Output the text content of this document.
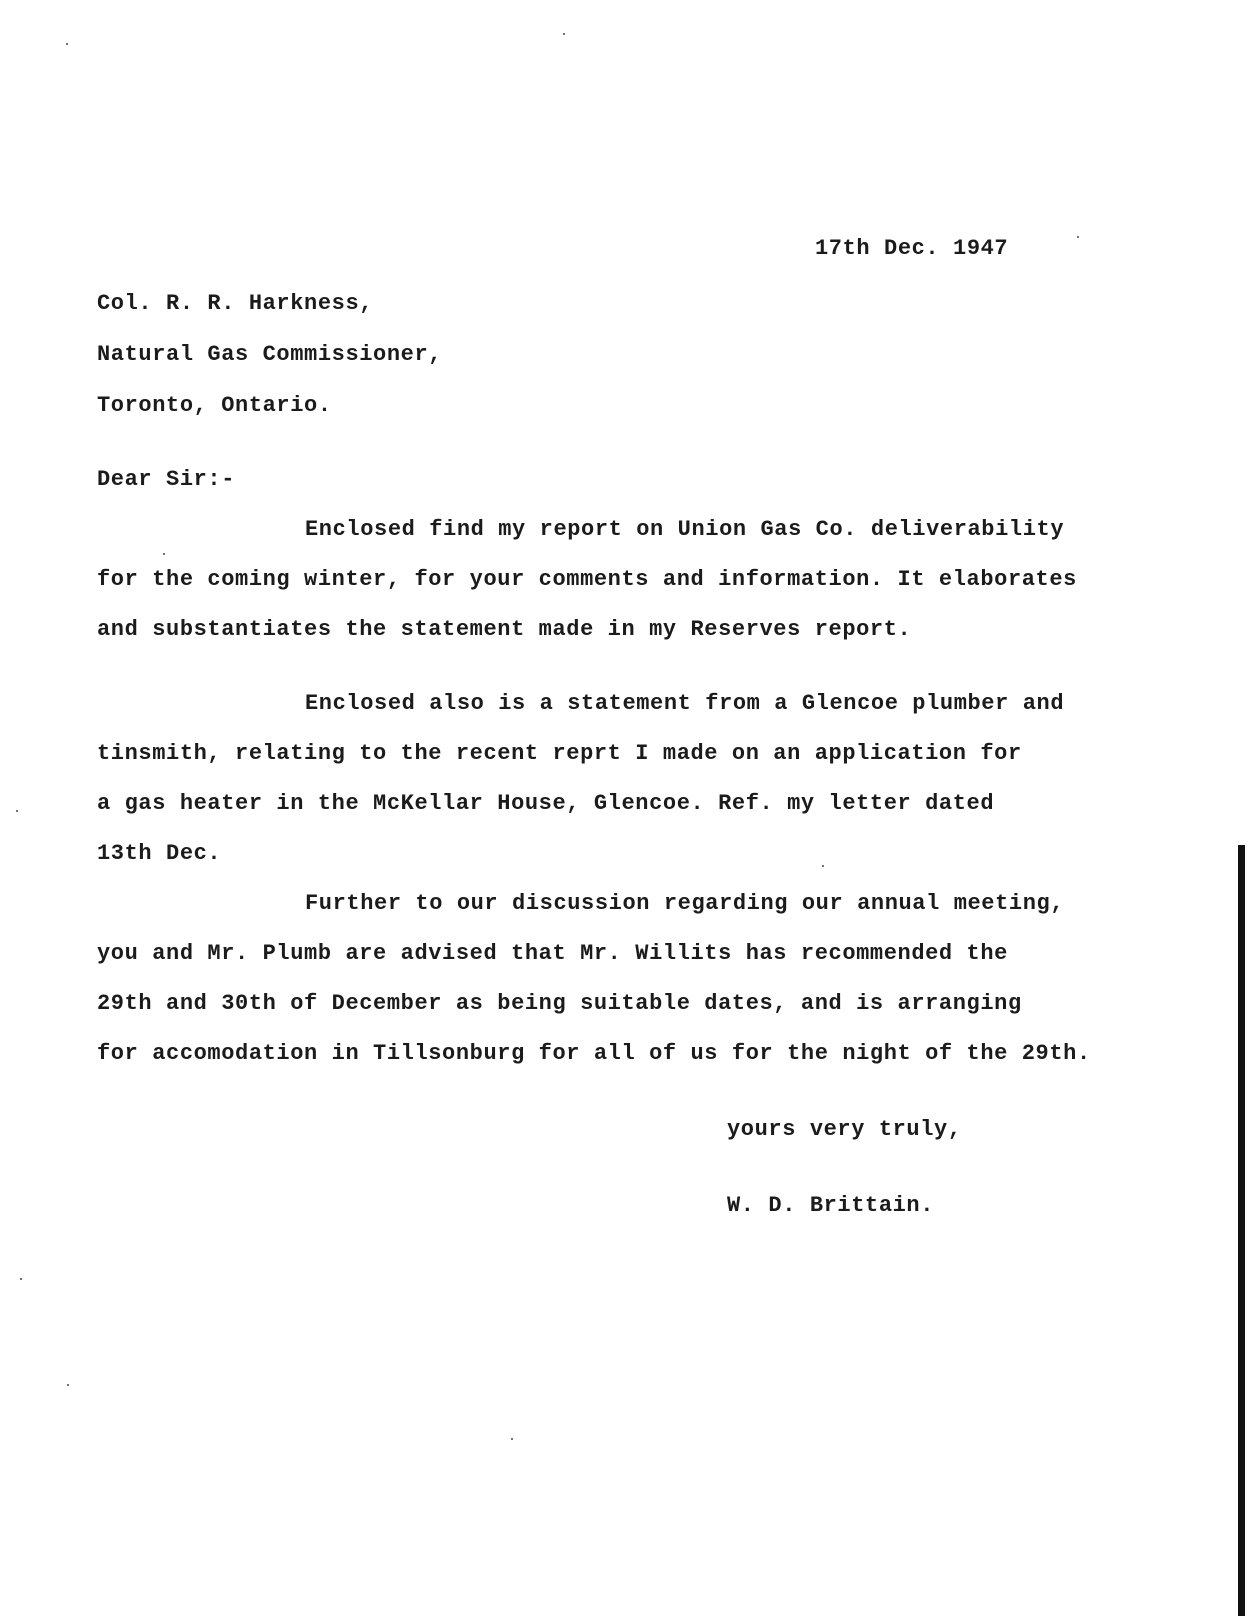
17th Dec. 1947
Col. R. R. Harkness,
Natural Gas Commissioner,
Toronto, Ontario.
Dear Sir:-
Enclosed find my report on Union Gas Co. deliverability
for the coming winter, for your comments and information. It elaborates
and substantiates the statement made in my Reserves report.
Enclosed also is a statement from a Glencoe plumber and
tinsmith, relating to the recent reprt I made on an application for
a gas heater in the McKellar House, Glencoe. Ref. my letter dated
13th Dec.
Further to our discussion regarding our annual meeting,
you and Mr. Plumb are advised that Mr. Willits has recommended the
29th and 30th of December as being suitable dates, and is arranging
for accomodation in Tillsonburg for all of us for the night of the 29th.
yours very truly,
W. D. Brittain.
